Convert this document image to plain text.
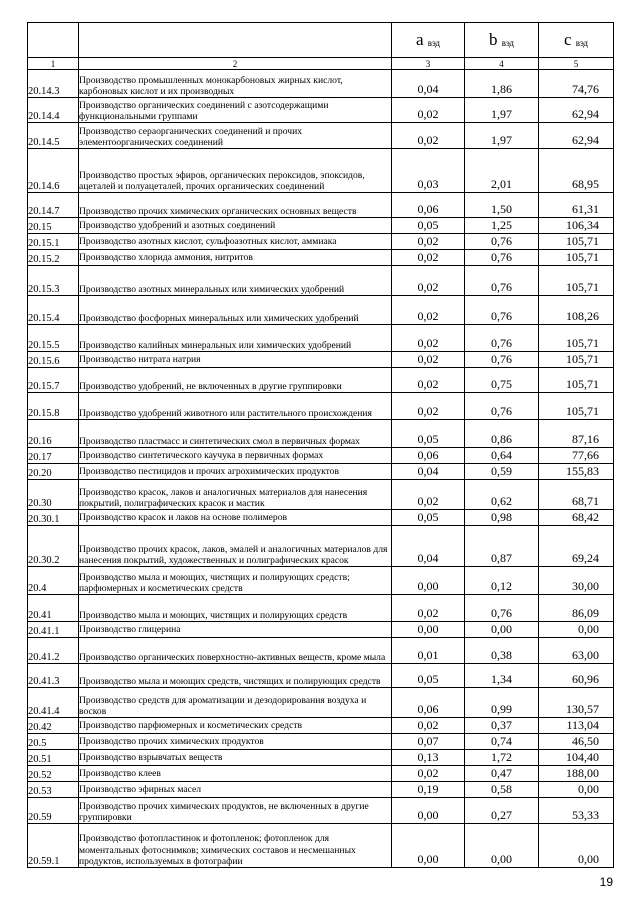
		a $_{вэд}$	b $_{вэд}$	c $_{вэд}$
1	2	3	4	5
20.14.3	Производство промышленных монокарбоновых жирных кислот, карбоновых кислот и их производных	0,04	1,86	74,76
20.14.4	Производство органических соединений с азотсодержащими функциональными группами	0,02	1,97	62,94
20.14.5	Производство сераорганических соединений и прочих элементоорганических соединений	0,02	1,97	62,94
20.14.6	Производство простых эфиров, органических пероксидов, эпоксидов, ацеталей и полуацеталей, прочих органических соединений	0,03	2,01	68,95
20.14.7	Производство прочих химических органических основных веществ	0,06	1,50	61,31
20.15	Производство удобрений и азотных соединений	0,05	1,25	106,34
20.15.1	Производство азотных кислот, сульфоазотных кислот, аммиака	0,02	0,76	105,71
20.15.2	Производство хлорида аммония, нитритов	0,02	0,76	105,71
20.15.3	Производство азотных минеральных или химических удобрений	0,02	0,76	105,71
20.15.4	Производство фосфорных минеральных или химических удобрений	0,02	0,76	108,26
20.15.5	Производство калийных минеральных или химических удобрений	0,02	0,76	105,71
20.15.6	Производство нитрата натрия	0,02	0,76	105,71
20.15.7	Производство удобрений, не включенных в другие группировки	0,02	0,75	105,71
20.15.8	Производство удобрений животного или растительного происхождения	0,02	0,76	105,71
20.16	Производство пластмасс и синтетических смол в первичных формах	0,05	0,86	87,16
20.17	Производство синтетического каучука в первичных формах	0,06	0,64	77,66
20.20	Производство пестицидов и прочих агрохимических продуктов	0,04	0,59	155,83
20.30	Производство красок, лаков и аналогичных материалов для нанесения покрытий, полиграфических красок и мастик	0,02	0,62	68,71
20.30.1	Производство красок и лаков на основе полимеров	0,05	0,98	68,42
20.30.2	Производство прочих красок, лаков, эмалей и аналогичных материалов для нанесения покрытий, художественных и полиграфических красок	0,04	0,87	69,24
20.4	Производство мыла и моющих, чистящих и полирующих средств; парфюмерных и косметических средств	0,00	0,12	30,00
20.41	Производство мыла и моющих, чистящих и полирующих средств	0,02	0,76	86,09
20.41.1	Производство глицерина	0,00	0,00	0,00
20.41.2	Производство органических поверхностно-активных веществ, кроме мыла	0,01	0,38	63,00
20.41.3	Производство мыла и моющих средств, чистящих и полирующих средств	0,05	1,34	60,96
20.41.4	Производство средств для ароматизации и дезодорирования воздуха и восков	0,06	0,99	130,57
20.42	Производство парфюмерных и косметических средств	0,02	0,37	113,04
20.5	Производство прочих химических продуктов	0,07	0,74	46,50
20.51	Производство взрывчатых веществ	0,13	1,72	104,40
20.52	Производство клеев	0,02	0,47	188,00
20.53	Производство эфирных масел	0,19	0,58	0,00
20.59	Производство прочих химических продуктов, не включенных в другие группировки	0,00	0,27	53,33
20.59.1	Производство фотопластинок и фотопленок; фотопленок для моментальных фотоснимков; химических составов и несмешанных продуктов, используемых в фотографии	0,00	0,00	0,00
19
